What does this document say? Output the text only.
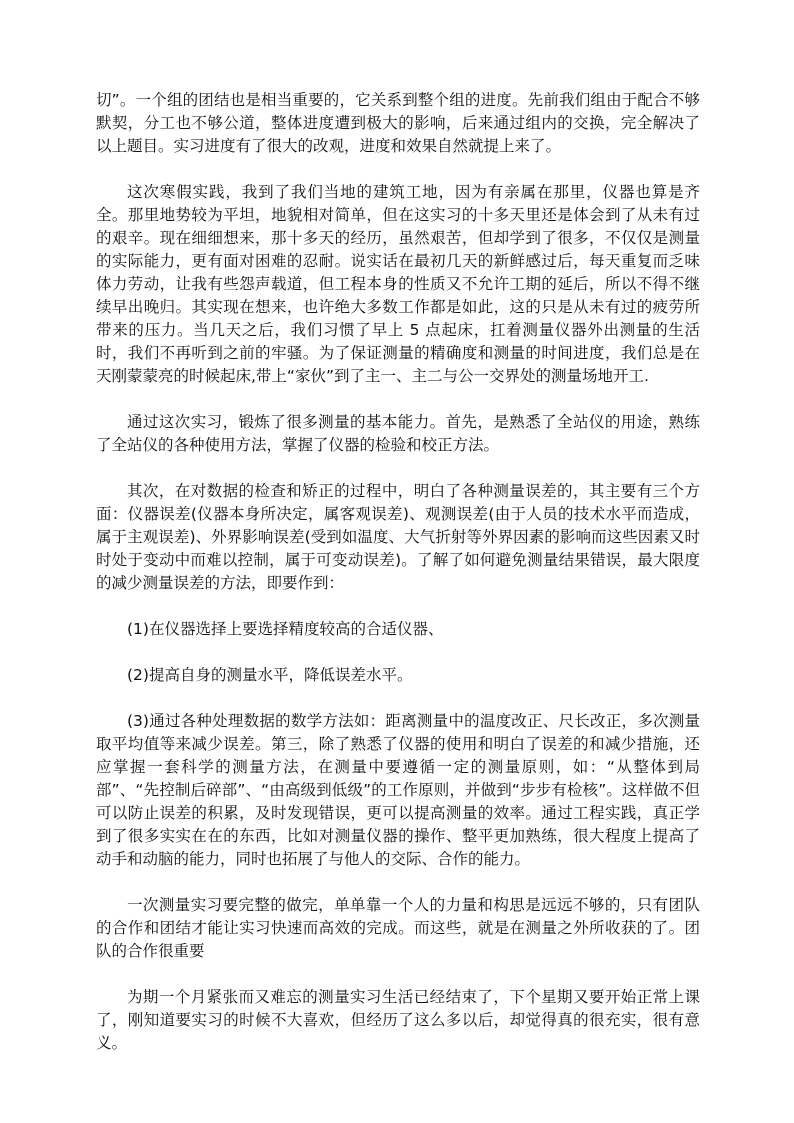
切”。一个组的团结也是相当重要的，它关系到整个组的进度。先前我们组由于配合不够默契，分工也不够公道，整体进度遭到极大的影响，后来通过组内的交换，完全解决了以上题目。实习进度有了很大的改观，进度和效果自然就提上来了。

这次寒假实践，我到了我们当地的建筑工地，因为有亲属在那里，仪器也算是齐全。那里地势较为平坦，地貌相对简单，但在这实习的十多天里还是体会到了从未有过的艰辛。现在细细想来，那十多天的经历，虽然艰苦，但却学到了很多，不仅仅是测量的实际能力，更有面对困难的忍耐。说实话在最初几天的新鲜感过后，每天重复而乏味体力劳动，让我有些怨声载道，但工程本身的性质又不允许工期的延后，所以不得不继续早出晚归。其实现在想来，也许绝大多数工作都是如此，这的只是从未有过的疲劳所带来的压力。当几天之后，我们习惯了早上 5 点起床，扛着测量仪器外出测量的生活时，我们不再听到之前的牢骚。为了保证测量的精确度和测量的时间进度，我们总是在天刚蒙蒙亮的时候起床,带上“家伙”到了主一、主二与公一交界处的测量场地开工.

通过这次实习，锻炼了很多测量的基本能力。首先，是熟悉了全站仪的用途，熟练了全站仪的各种使用方法，掌握了仪器的检验和校正方法。

其次，在对数据的检查和矫正的过程中，明白了各种测量误差的，其主要有三个方面：仪器误差(仪器本身所决定，属客观误差)、观测误差(由于人员的技术水平而造成，属于主观误差)、外界影响误差(受到如温度、大气折射等外界因素的影响而这些因素又时时处于变动中而难以控制，属于可变动误差)。了解了如何避免测量结果错误，最大限度的减少测量误差的方法，即要作到：

(1)在仪器选择上要选择精度较高的合适仪器、

(2)提高自身的测量水平，降低误差水平。

(3)通过各种处理数据的数学方法如：距离测量中的温度改正、尺长改正，多次测量取平均值等来减少误差。第三，除了熟悉了仪器的使用和明白了误差的和减少措施，还应掌握一套科学的测量方法，在测量中要遵循一定的测量原则，如：“从整体到局部”、“先控制后碎部”、“由高级到低级”的工作原则，并做到“步步有检核”。这样做不但可以防止误差的积累，及时发现错误，更可以提高测量的效率。通过工程实践，真正学到了很多实实在在的东西，比如对测量仪器的操作、整平更加熟练，很大程度上提高了动手和动脑的能力，同时也拓展了与他人的交际、合作的能力。

一次测量实习要完整的做完，单单靠一个人的力量和构思是远远不够的，只有团队的合作和团结才能让实习快速而高效的完成。而这些，就是在测量之外所收获的了。团队的合作很重要

为期一个月紧张而又难忘的测量实习生活已经结束了，下个星期又要开始正常上课了，刚知道要实习的时候不大喜欢，但经历了这么多以后，却觉得真的很充实，很有意义。
